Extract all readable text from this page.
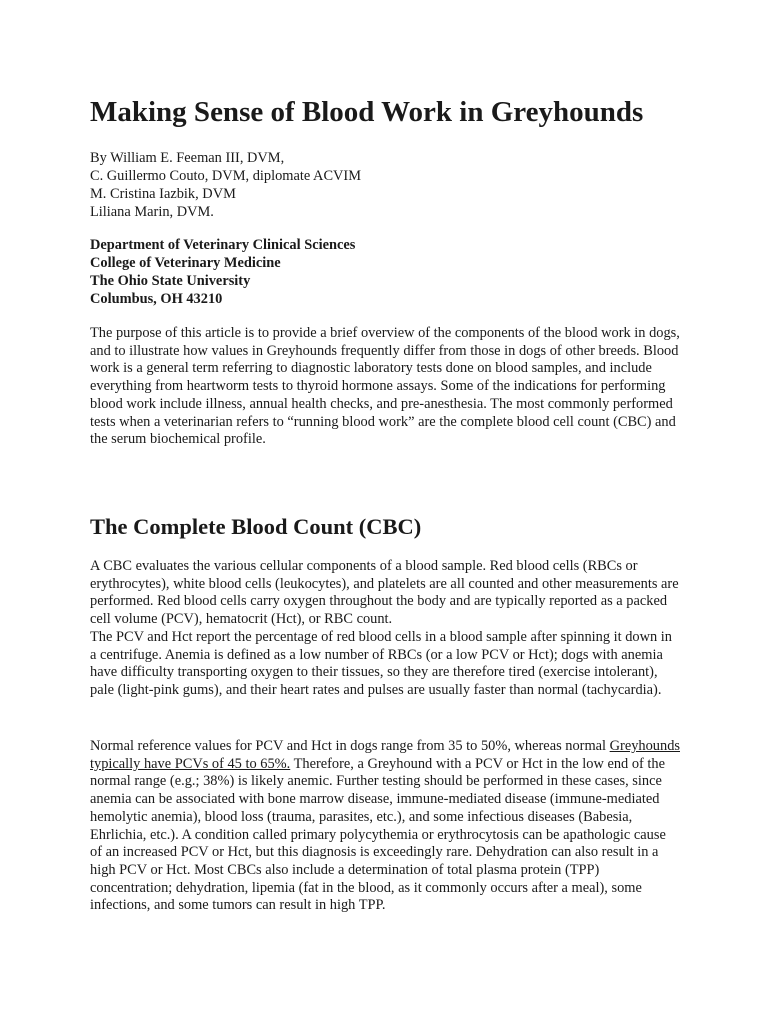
Making Sense of Blood Work in Greyhounds
By William E. Feeman III, DVM,
C. Guillermo Couto, DVM, diplomate ACVIM
M. Cristina Iazbik, DVM
Liliana Marin, DVM.
Department of Veterinary Clinical Sciences
College of Veterinary Medicine
The Ohio State University
Columbus, OH 43210

The purpose of this article is to provide a brief overview of the components of the blood work in dogs, and to illustrate how values in Greyhounds frequently differ from those in dogs of other breeds. Blood work is a general term referring to diagnostic laboratory tests done on blood samples, and include everything from heartworm tests to thyroid hormone assays. Some of the indications for performing blood work include illness, annual health checks, and pre-anesthesia. The most commonly performed tests when a veterinarian refers to “running blood work” are the complete blood cell count (CBC) and the serum biochemical profile.

The Complete Blood Count (CBC)
A CBC evaluates the various cellular components of a blood sample. Red blood cells (RBCs or erythrocytes), white blood cells (leukocytes), and platelets are all counted and other measurements are performed. Red blood cells carry oxygen throughout the body and are typically reported as a packed cell volume (PCV), hematocrit (Hct), or RBC count.
The PCV and Hct report the percentage of red blood cells in a blood sample after spinning it down in a centrifuge. Anemia is defined as a low number of RBCs (or a low PCV or Hct); dogs with anemia have difficulty transporting oxygen to their tissues, so they are therefore tired (exercise intolerant), pale (light-pink gums), and their heart rates and pulses are usually faster than normal (tachycardia).

Normal reference values for PCV and Hct in dogs range from 35 to 50%, whereas normal Greyhounds typically have PCVs of 45 to 65%. Therefore, a Greyhound with a PCV or Hct in the low end of the normal range (e.g.; 38%) is likely anemic. Further testing should be performed in these cases, since anemia can be associated with bone marrow disease, immune-mediated disease (immune-mediated hemolytic anemia), blood loss (trauma, parasites, etc.), and some infectious diseases (Babesia, Ehrlichia, etc.). A condition called primary polycythemia or erythrocytosis can be apathologic cause of an increased PCV or Hct, but this diagnosis is exceedingly rare. Dehydration can also result in a high PCV or Hct. Most CBCs also include a determination of total plasma protein (TPP) concentration; dehydration, lipemia (fat in the blood, as it commonly occurs after a meal), some infections, and some tumors can result in high TPP.
